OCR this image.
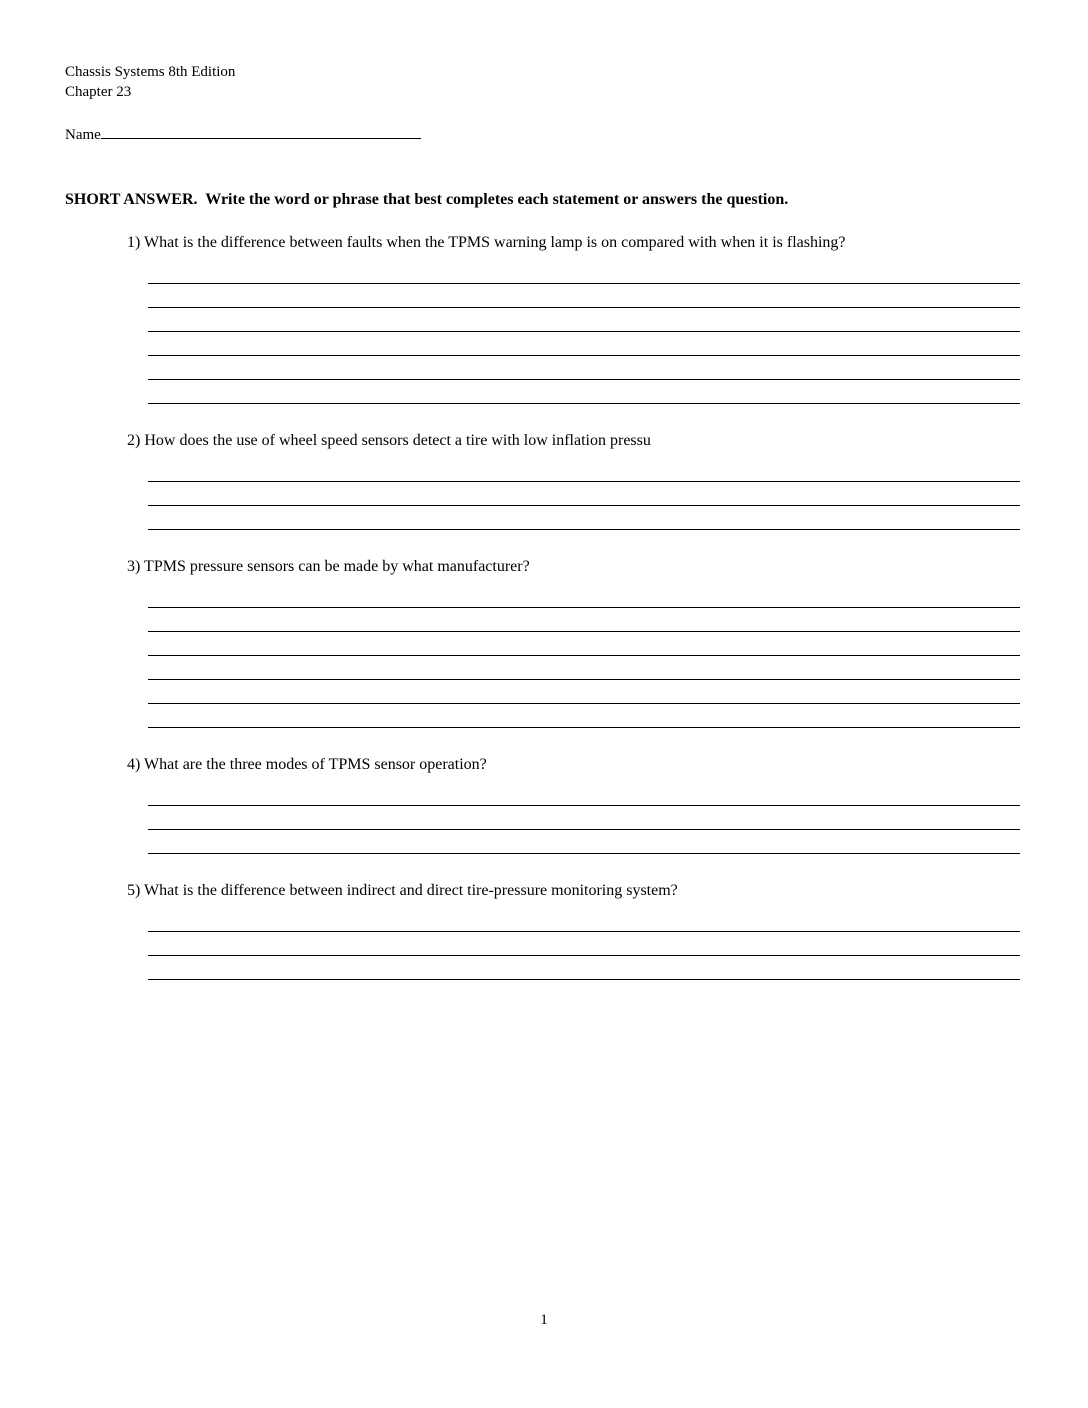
Chassis Systems 8th Edition
Chapter 23
Name

SHORT ANSWER.  Write the word or phrase that best completes each statement or answers the question.

1) What is the difference between faults when the TPMS warning lamp is on compared with when it is flashing?

2) How does the use of wheel speed sensors detect a tire with low inflation pressu

3) TPMS pressure sensors can be made by what manufacturer?

4) What are the three modes of TPMS sensor operation?

5) What is the difference between indirect and direct tire-pressure monitoring system?

1
